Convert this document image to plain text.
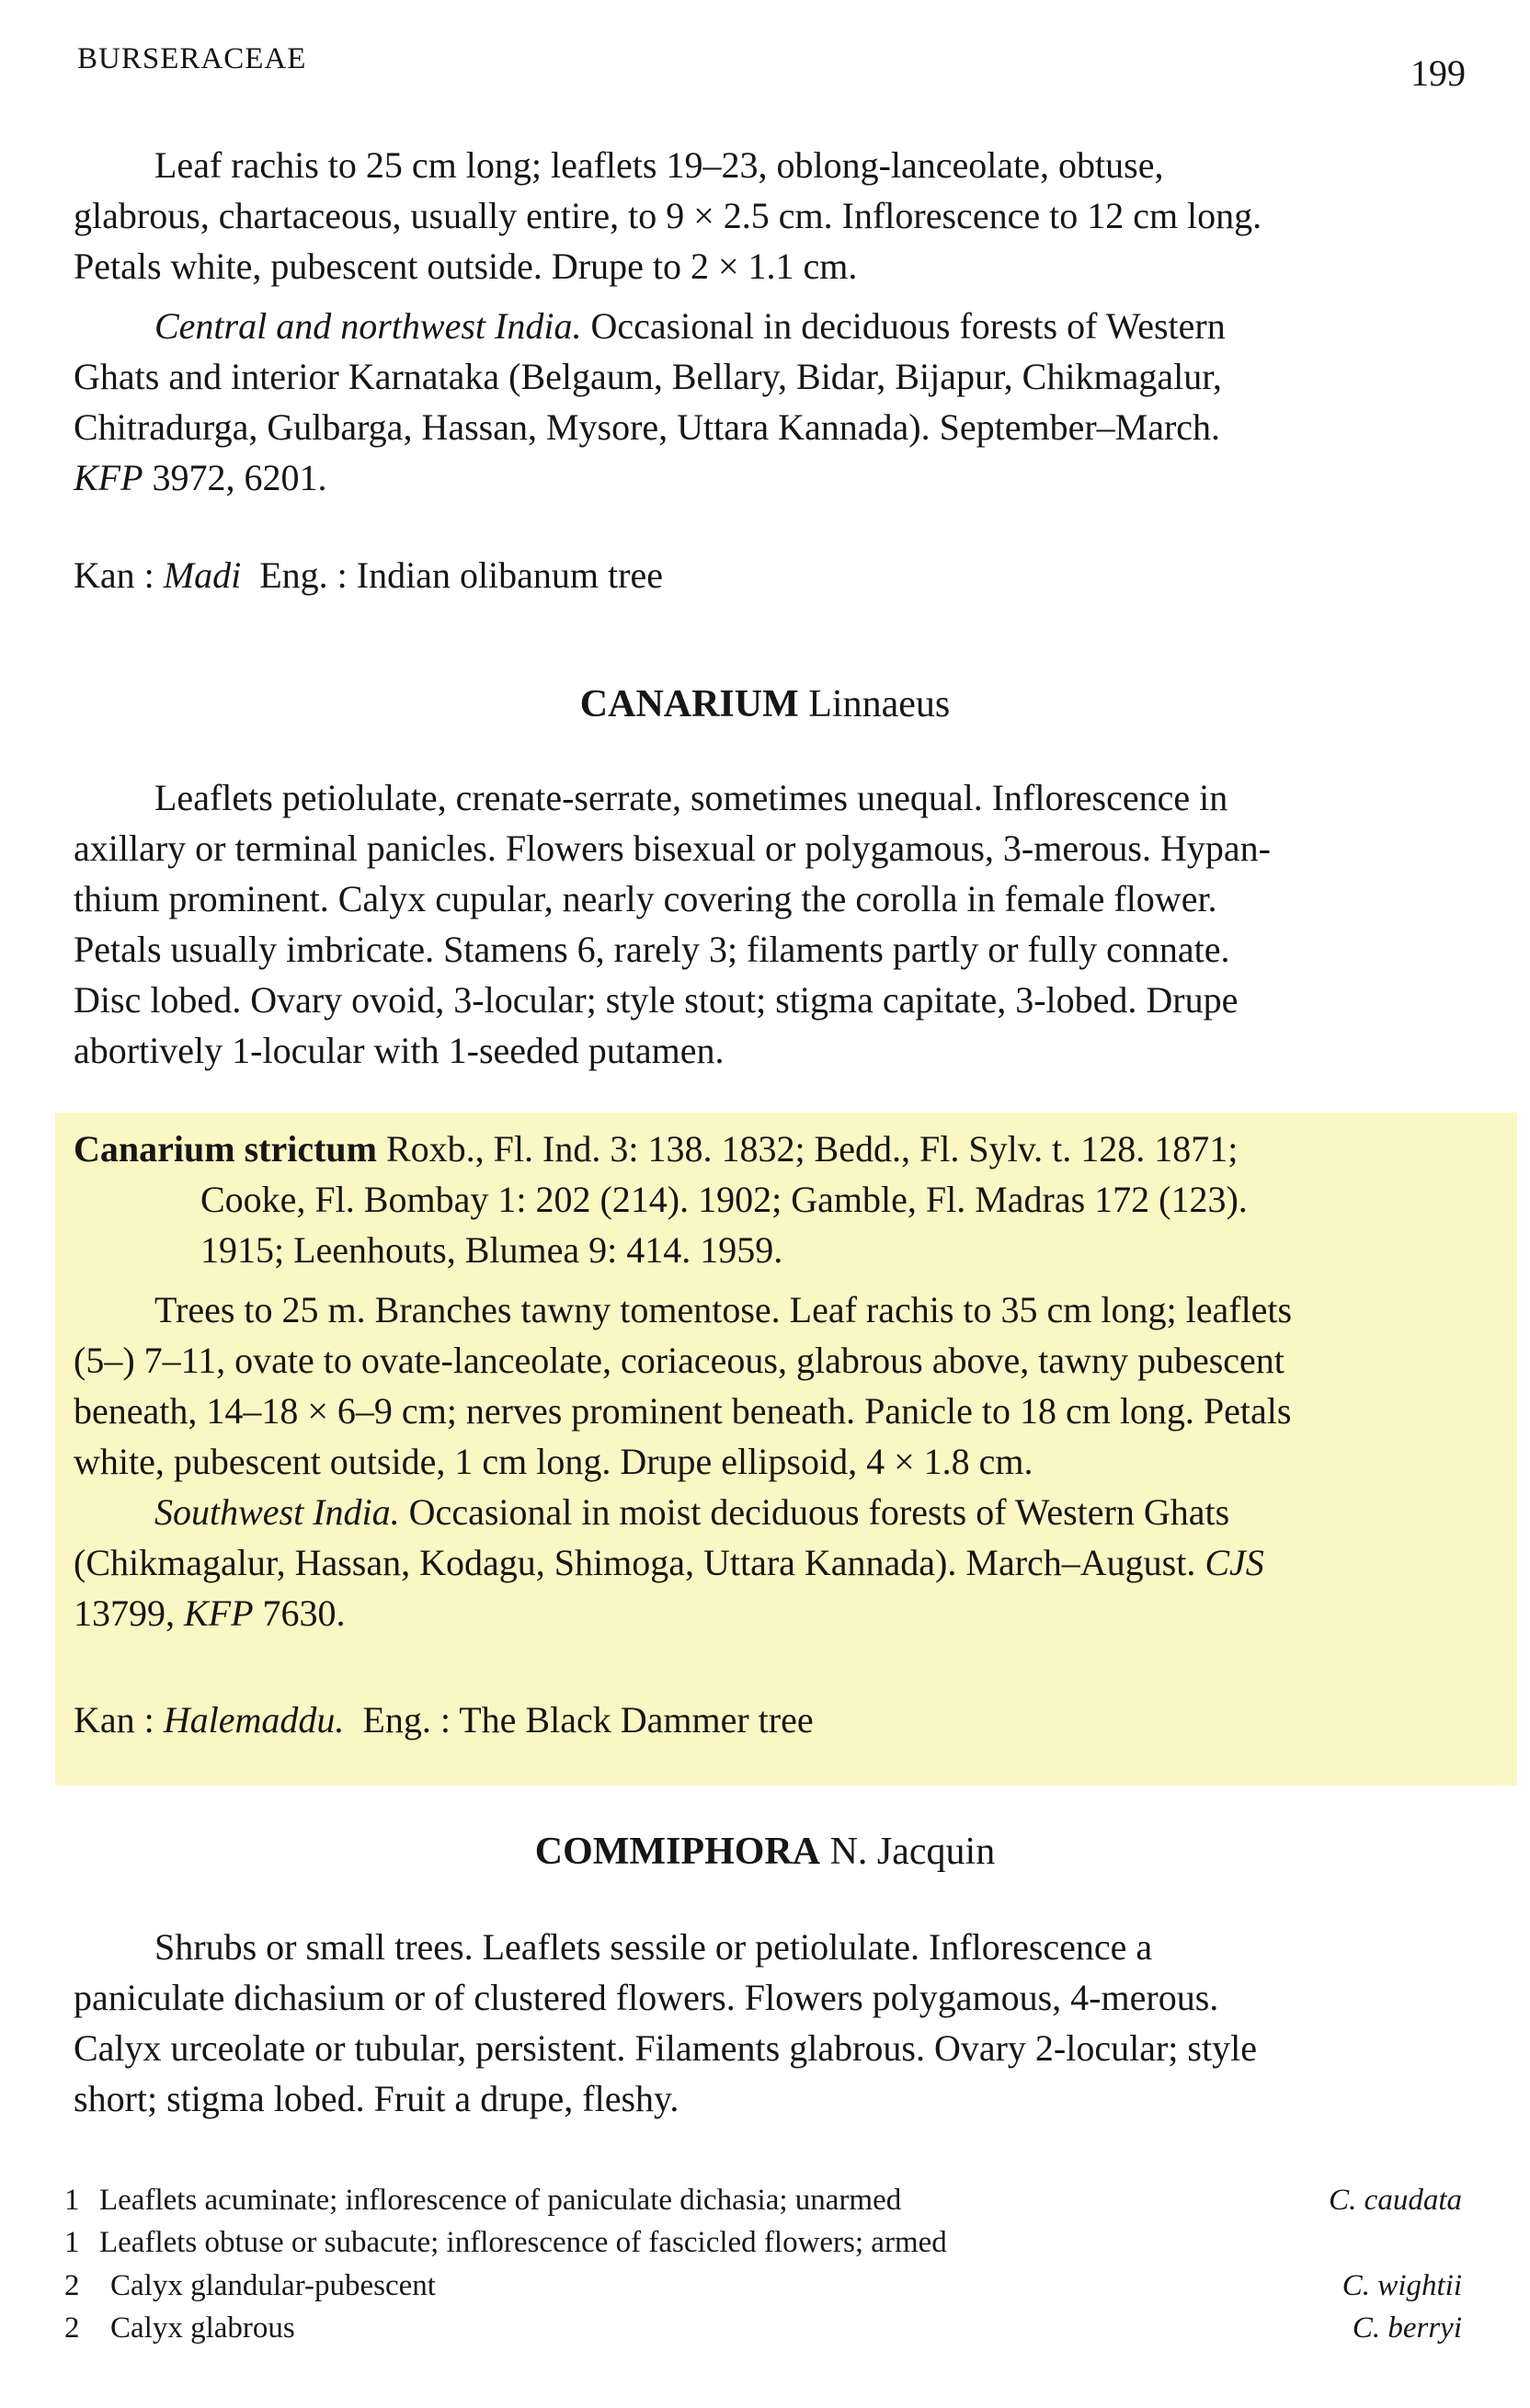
BURSERACEAE	199

Leaf rachis to 25 cm long; leaflets 19–23, oblong-lanceolate, obtuse,
glabrous, chartaceous, usually entire, to 9 × 2.5 cm. Inflorescence to 12 cm long.
Petals white, pubescent outside. Drupe to 2 × 1.1 cm.

Central and northwest India. Occasional in deciduous forests of Western
Ghats and interior Karnataka (Belgaum, Bellary, Bidar, Bijapur, Chikmagalur,
Chitradurga, Gulbarga, Hassan, Mysore, Uttara Kannada). September–March.
KFP 3972, 6201.

Kan : Madi  Eng. : Indian olibanum tree

CANARIUM Linnaeus

Leaflets petiolulate, crenate-serrate, sometimes unequal. Inflorescence in
axillary or terminal panicles. Flowers bisexual or polygamous, 3-merous. Hypan-
thium prominent. Calyx cupular, nearly covering the corolla in female flower.
Petals usually imbricate. Stamens 6, rarely 3; filaments partly or fully connate.
Disc lobed. Ovary ovoid, 3-locular; style stout; stigma capitate, 3-lobed. Drupe
abortively 1-locular with 1-seeded putamen.

Canarium strictum Roxb., Fl. Ind. 3: 138. 1832; Bedd., Fl. Sylv. t. 128. 1871;
Cooke, Fl. Bombay 1: 202 (214). 1902; Gamble, Fl. Madras 172 (123).
1915; Leenhouts, Blumea 9: 414. 1959.

Trees to 25 m. Branches tawny tomentose. Leaf rachis to 35 cm long; leaflets
(5–) 7–11, ovate to ovate-lanceolate, coriaceous, glabrous above, tawny pubescent
beneath, 14–18 × 6–9 cm; nerves prominent beneath. Panicle to 18 cm long. Petals
white, pubescent outside, 1 cm long. Drupe ellipsoid, 4 × 1.8 cm.

Southwest India. Occasional in moist deciduous forests of Western Ghats
(Chikmagalur, Hassan, Kodagu, Shimoga, Uttara Kannada). March–August. CJS
13799, KFP 7630.

Kan : Halemaddu.  Eng. : The Black Dammer tree

COMMIPHORA N. Jacquin

Shrubs or small trees. Leaflets sessile or petiolulate. Inflorescence a
paniculate dichasium or of clustered flowers. Flowers polygamous, 4-merous.
Calyx urceolate or tubular, persistent. Filaments glabrous. Ovary 2-locular; style
short; stigma lobed. Fruit a drupe, fleshy.

1 Leaflets acuminate; inflorescence of paniculate dichasia; unarmed	C. caudata
1 Leaflets obtuse or subacute; inflorescence of fascicled flowers; armed
2 Calyx glandular-pubescent	C. wightii
2 Calyx glabrous	C. berryi
